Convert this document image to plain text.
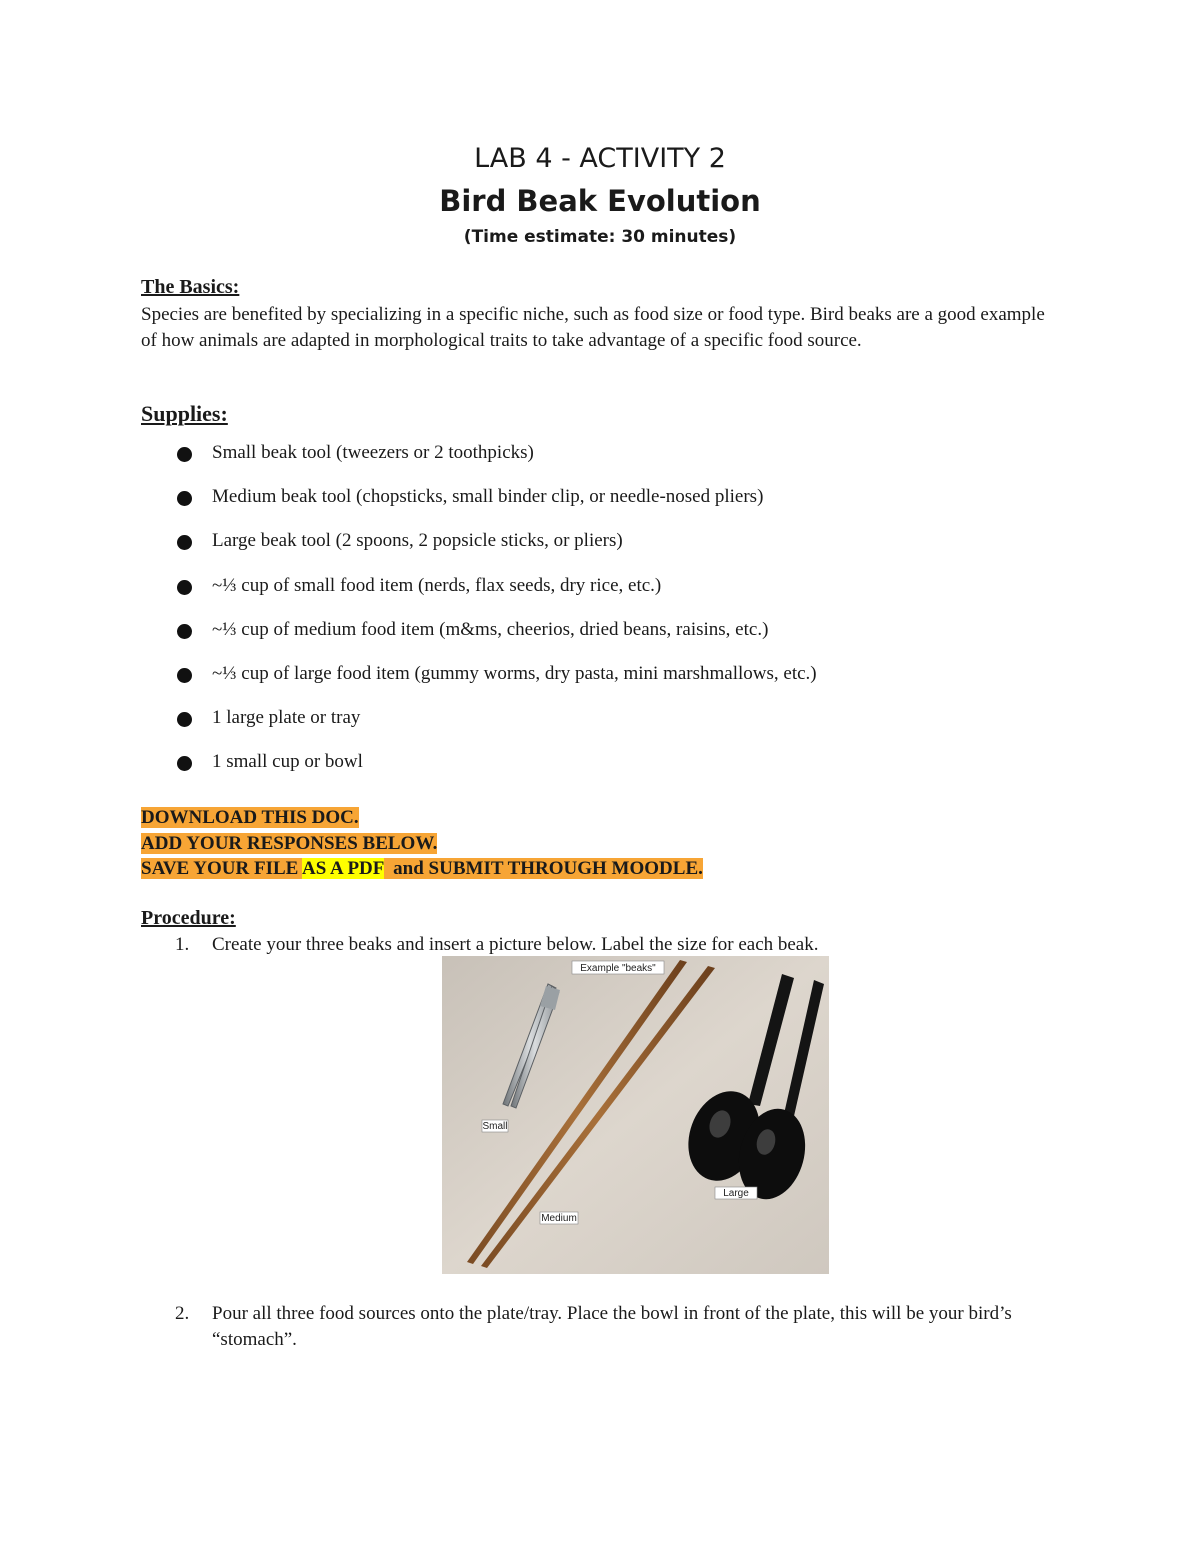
LAB 4 - ACTIVITY 2
Bird Beak Evolution
(Time estimate: 30 minutes)
The Basics:
Species are benefited by specializing in a specific niche, such as food size or food type. Bird beaks are a good example of how animals are adapted in morphological traits to take advantage of a specific food source.
Supplies:
Small beak tool (tweezers or 2 toothpicks)
Medium beak tool (chopsticks, small binder clip, or needle-nosed pliers)
Large beak tool (2 spoons, 2 popsicle sticks, or pliers)
~⅓ cup of small food item (nerds, flax seeds, dry rice, etc.)
~⅓ cup of medium food item (m&ms, cheerios, dried beans, raisins, etc.)
~⅓ cup of large food item (gummy worms, dry pasta, mini marshmallows, etc.)
1 large plate or tray
1 small cup or bowl
DOWNLOAD THIS DOC.
ADD YOUR RESPONSES BELOW.
SAVE YOUR FILE AS A PDF  and SUBMIT THROUGH MOODLE.
Procedure:
1. Create your three beaks and insert a picture below. Label the size for each beak.
Example "beaks"
Small
Medium
Large
2. Pour all three food sources onto the plate/tray. Place the bowl in front of the plate, this will be your bird’s “stomach”.
